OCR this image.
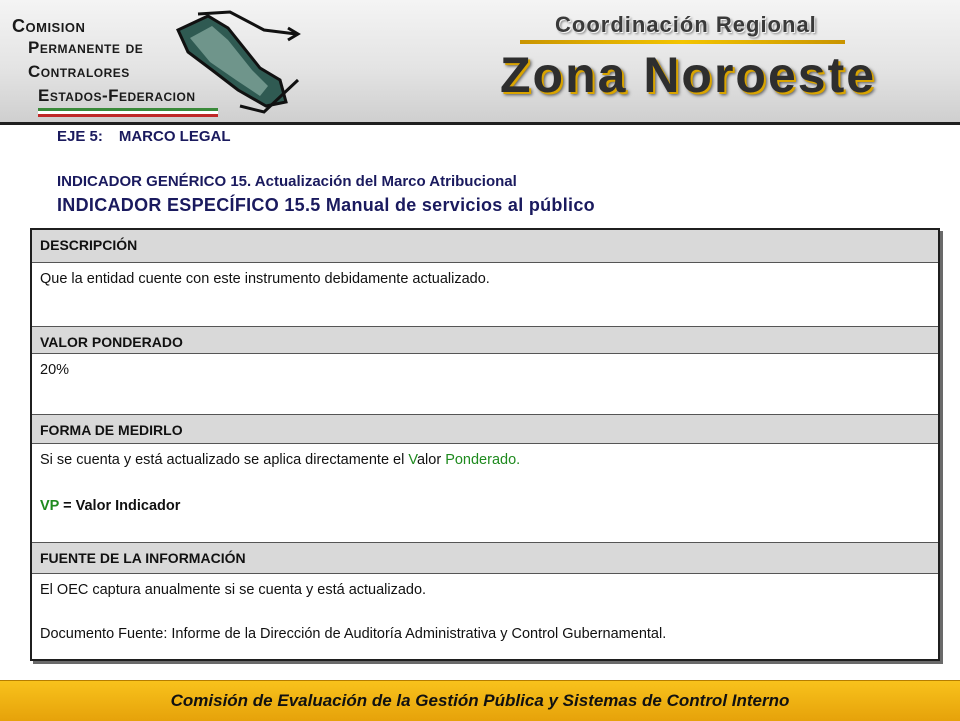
Comision
Permanente de
Contralores
Estados-Federacion
Coordinación Regional
Zona Noroeste
EJE 5: MARCO LEGAL
INDICADOR GENÉRICO 15. Actualización del Marco Atribucional
INDICADOR ESPECÍFICO 15.5 Manual de servicios al público
DESCRIPCIÓN
Que la entidad cuente con este instrumento debidamente actualizado.
VALOR PONDERADO
20%
FORMA DE MEDIRLO
Si se cuenta y está actualizado se aplica directamente el Valor Ponderado.
VP = Valor Indicador
FUENTE DE LA INFORMACIÓN
El OEC captura anualmente si se cuenta y está actualizado.
Documento Fuente: Informe de la Dirección de Auditoría Administrativa y Control Gubernamental.
Comisión de Evaluación de la Gestión Pública y Sistemas de Control Interno
